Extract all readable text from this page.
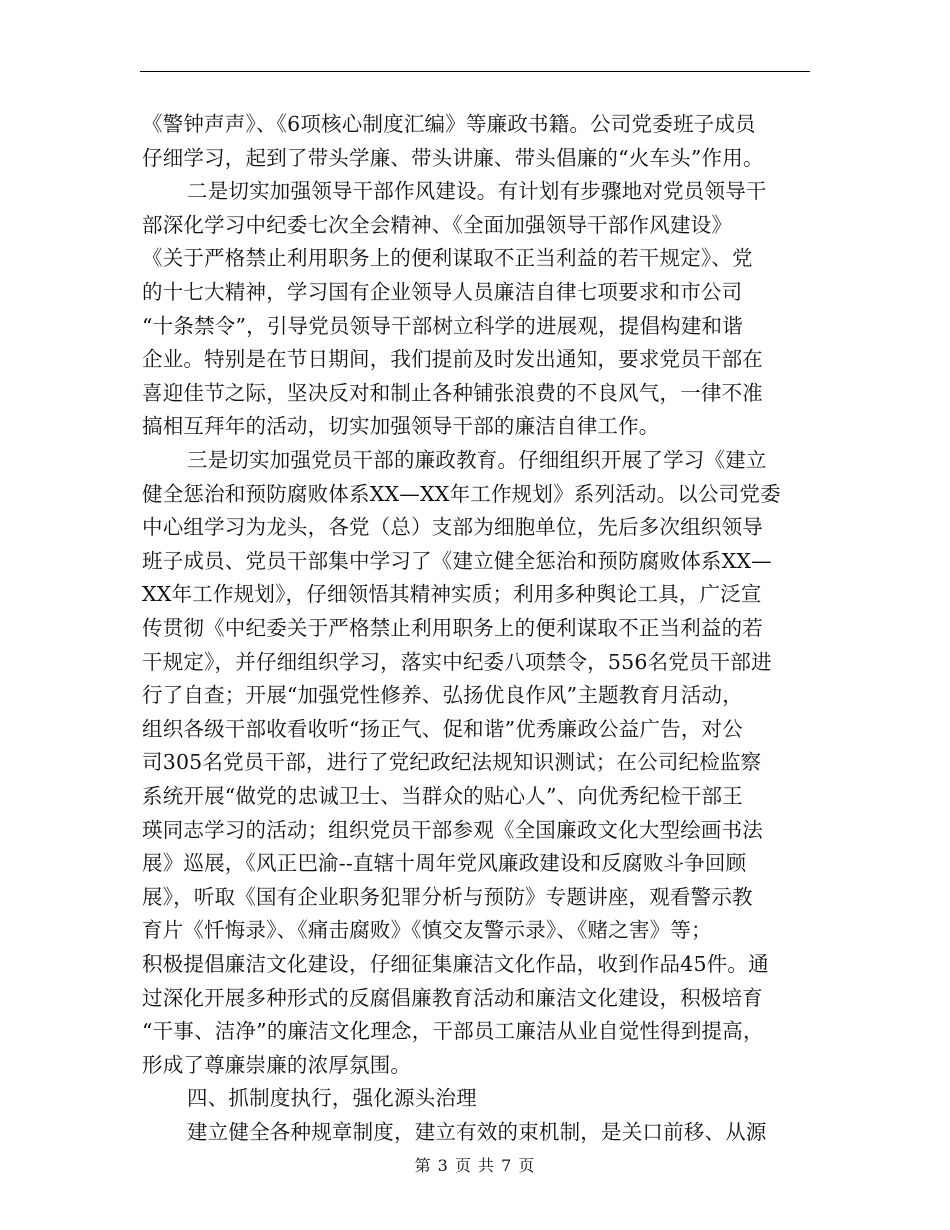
《警钟声声》、《6项核心制度汇编》等廉政书籍。公司党委班子成员
仔细学习，起到了带头学廉、带头讲廉、带头倡廉的“火车头”作用。
二是切实加强领导干部作风建设。有计划有步骤地对党员领导干
部深化学习中纪委七次全会精神、《全面加强领导干部作风建设》
《关于严格禁止利用职务上的便利谋取不正当利益的若干规定》、党
的十七大精神，学习国有企业领导人员廉洁自律七项要求和市公司
“十条禁令”，引导党员领导干部树立科学的进展观，提倡构建和谐
企业。特别是在节日期间，我们提前及时发出通知，要求党员干部在
喜迎佳节之际，坚决反对和制止各种铺张浪费的不良风气，一律不准
搞相互拜年的活动，切实加强领导干部的廉洁自律工作。
三是切实加强党员干部的廉政教育。仔细组织开展了学习《建立
健全惩治和预防腐败体系XX—XX年工作规划》系列活动。以公司党委
中心组学习为龙头，各党（总）支部为细胞单位，先后多次组织领导
班子成员、党员干部集中学习了《建立健全惩治和预防腐败体系XX—
XX年工作规划》，仔细领悟其精神实质；利用多种舆论工具，广泛宣
传贯彻《中纪委关于严格禁止利用职务上的便利谋取不正当利益的若
干规定》，并仔细组织学习，落实中纪委八项禁令，556名党员干部进
行了自查；开展“加强党性修养、弘扬优良作风”主题教育月活动，
组织各级干部收看收听“扬正气、促和谐”优秀廉政公益广告，对公
司305名党员干部，进行了党纪政纪法规知识测试；在公司纪检监察
系统开展“做党的忠诚卫士、当群众的贴心人”、向优秀纪检干部王
瑛同志学习的活动；组织党员干部参观《全国廉政文化大型绘画书法
展》巡展，《风正巴渝--直辖十周年党风廉政建设和反腐败斗争回顾
展》，听取《国有企业职务犯罪分析与预防》专题讲座，观看警示教
育片《忏悔录》、《痛击腐败》《慎交友警示录》、《赌之害》等；
积极提倡廉洁文化建设，仔细征集廉洁文化作品，收到作品45件。通
过深化开展多种形式的反腐倡廉教育活动和廉洁文化建设，积极培育
“干事、洁净”的廉洁文化理念，干部员工廉洁从业自觉性得到提高，
形成了尊廉崇廉的浓厚氛围。
四、抓制度执行，强化源头治理
建立健全各种规章制度，建立有效的束机制，是关口前移、从源
第 3 页 共 7 页
